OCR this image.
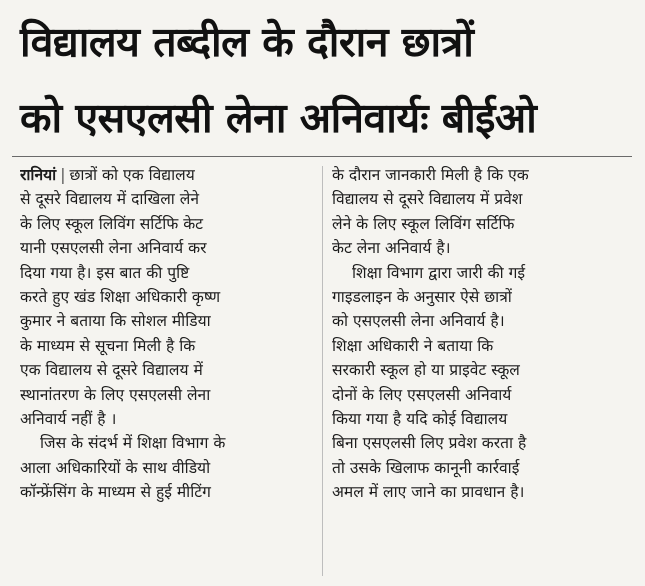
विद्यालय तब्दील के दौरान छात्रों
को एसएलसी लेना अनिवार्यः बीईओ
रानियां | छात्रों को एक विद्यालय
से दूसरे विद्यालय में दाखिला लेने
के लिए स्कूल लिविंग सर्टिफि केट
यानी एसएलसी लेना अनिवार्य कर
दिया गया है। इस बात की पुष्टि
करते हुए खंड शिक्षा अधिकारी कृष्ण
कुमार ने बताया कि सोशल मीडिया
के माध्यम से सूचना मिली है कि
एक विद्यालय से दूसरे विद्यालय में
स्थानांतरण के लिए एसएलसी लेना
अनिवार्य नहीं है ।
जिस के संदर्भ में शिक्षा विभाग के
आला अधिकारियों के साथ वीडियो
कॉन्फ्रेंसिंग के माध्यम से हुई मीटिंग
के दौरान जानकारी मिली है कि एक
विद्यालय से दूसरे विद्यालय में प्रवेश
लेने के लिए स्कूल लिविंग सर्टिफि
केट लेना अनिवार्य है।
शिक्षा विभाग द्वारा जारी की गई
गाइडलाइन के अनुसार ऐसे छात्रों
को एसएलसी लेना अनिवार्य है।
शिक्षा अधिकारी ने बताया कि
सरकारी स्कूल हो या प्राइवेट स्कूल
दोनों के लिए एसएलसी अनिवार्य
किया गया है यदि कोई विद्यालय
बिना एसएलसी लिए प्रवेश करता है
तो उसके खिलाफ कानूनी कार्रवाई
अमल में लाए जाने का प्रावधान है।
